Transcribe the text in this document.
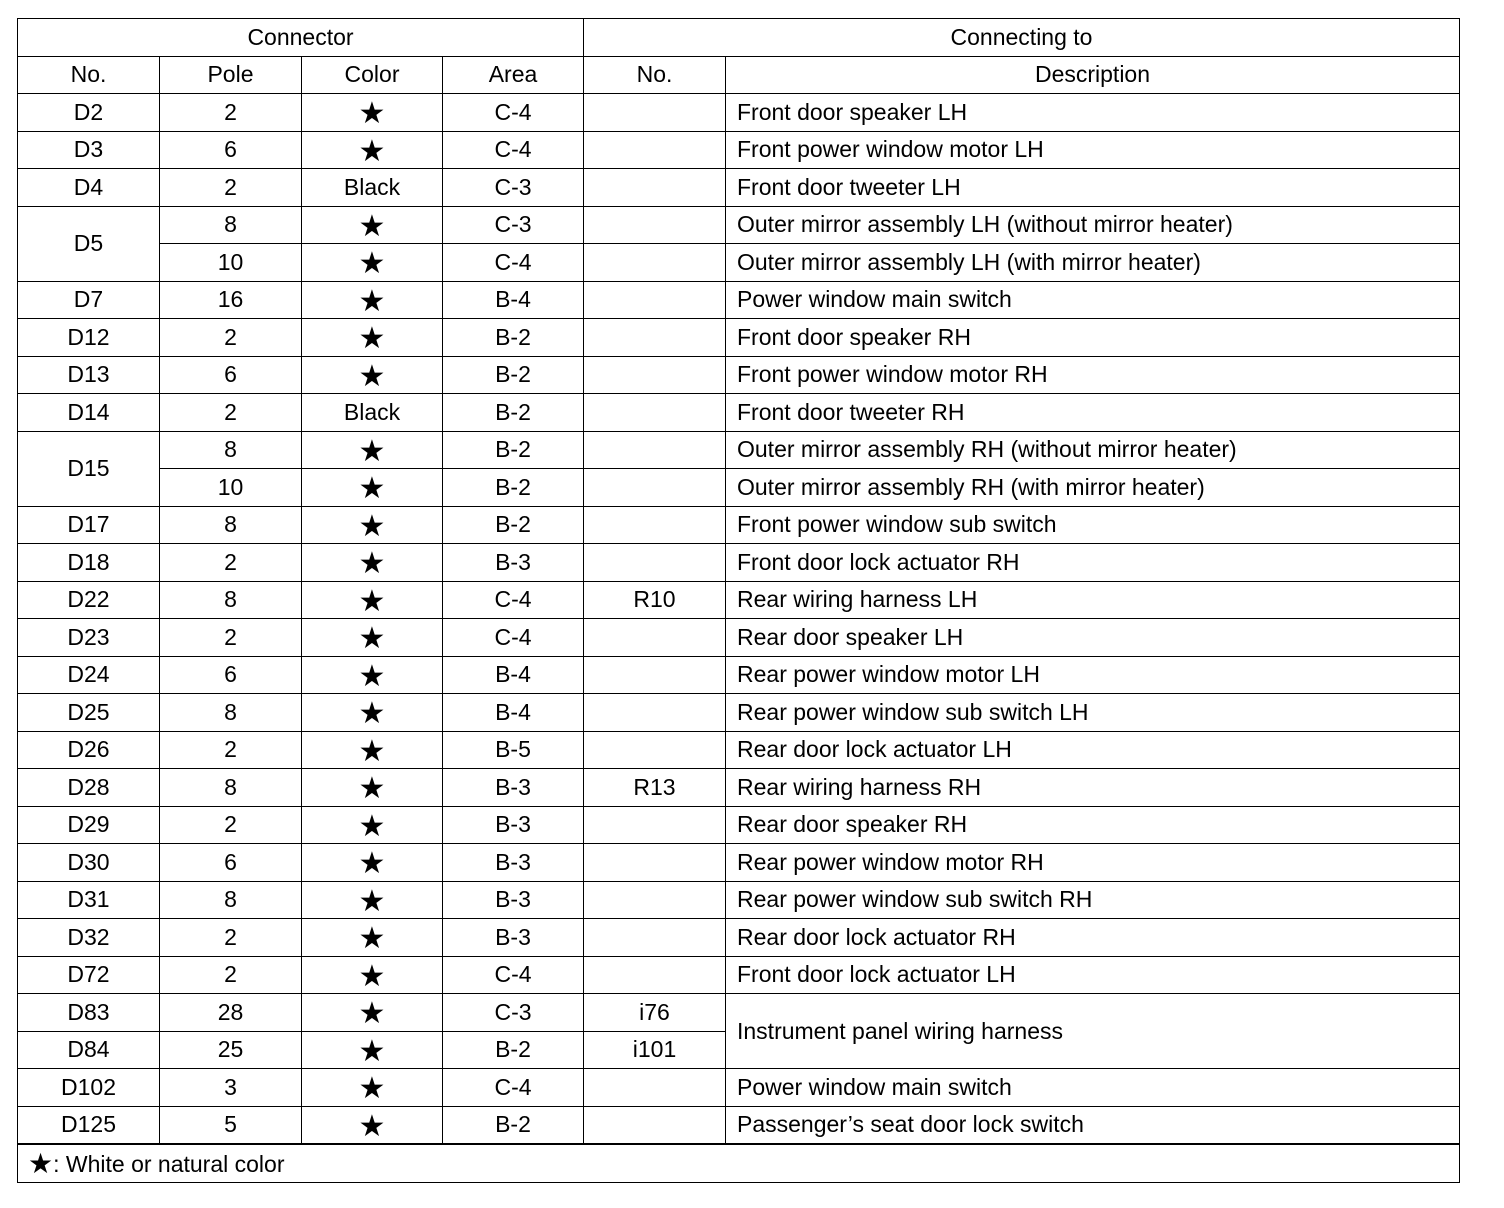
Connector				Connecting to	
No.	Pole	Color	Area	No.	Description
D2	2	★	C-4		Front door speaker LH
D3	6	★	C-4		Front power window motor LH
D4	2	Black	C-3		Front door tweeter LH
D5	8	★	C-3		Outer mirror assembly LH (without mirror heater)
	10	★	C-4		Outer mirror assembly LH (with mirror heater)
D7	16	★	B-4		Power window main switch
D12	2	★	B-2		Front door speaker RH
D13	6	★	B-2		Front power window motor RH
D14	2	Black	B-2		Front door tweeter RH
D15	8	★	B-2		Outer mirror assembly RH (without mirror heater)
	10	★	B-2		Outer mirror assembly RH (with mirror heater)
D17	8	★	B-2		Front power window sub switch
D18	2	★	B-3		Front door lock actuator RH
D22	8	★	C-4	R10	Rear wiring harness LH
D23	2	★	C-4		Rear door speaker LH
D24	6	★	B-4		Rear power window motor LH
D25	8	★	B-4		Rear power window sub switch LH
D26	2	★	B-5		Rear door lock actuator LH
D28	8	★	B-3	R13	Rear wiring harness RH
D29	2	★	B-3		Rear door speaker RH
D30	6	★	B-3		Rear power window motor RH
D31	8	★	B-3		Rear power window sub switch RH
D32	2	★	B-3		Rear door lock actuator RH
D72	2	★	C-4		Front door lock actuator LH
D83	28	★	C-3	i76	Instrument panel wiring harness
D84	25	★	B-2	i101	
D102	3	★	C-4		Power window main switch
D125	5	★	B-2		Passenger’s seat door lock switch
★: White or natural color					
